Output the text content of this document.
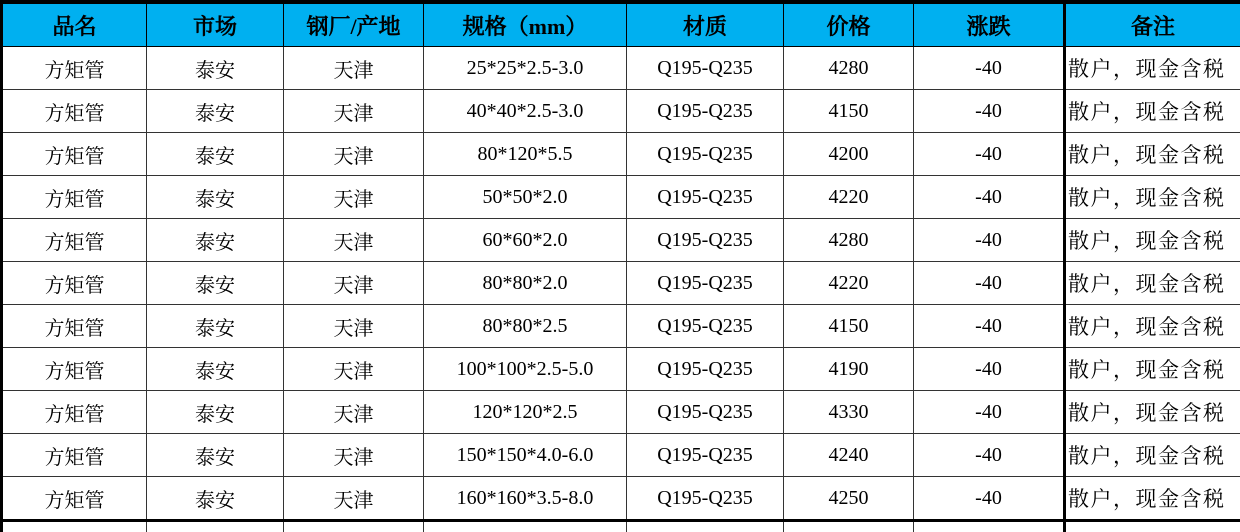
品名	市场	钢厂/产地	规格（mm）	材质	价格	涨跌	备注
方矩管	泰安	天津	25*25*2.5-3.0	Q195-Q235	4280	-40	散户，现金含税
方矩管	泰安	天津	40*40*2.5-3.0	Q195-Q235	4150	-40	散户，现金含税
方矩管	泰安	天津	80*120*5.5	Q195-Q235	4200	-40	散户，现金含税
方矩管	泰安	天津	50*50*2.0	Q195-Q235	4220	-40	散户，现金含税
方矩管	泰安	天津	60*60*2.0	Q195-Q235	4280	-40	散户，现金含税
方矩管	泰安	天津	80*80*2.0	Q195-Q235	4220	-40	散户，现金含税
方矩管	泰安	天津	80*80*2.5	Q195-Q235	4150	-40	散户，现金含税
方矩管	泰安	天津	100*100*2.5-5.0	Q195-Q235	4190	-40	散户，现金含税
方矩管	泰安	天津	120*120*2.5	Q195-Q235	4330	-40	散户，现金含税
方矩管	泰安	天津	150*150*4.0-6.0	Q195-Q235	4240	-40	散户，现金含税
方矩管	泰安	天津	160*160*3.5-8.0	Q195-Q235	4250	-40	散户，现金含税
